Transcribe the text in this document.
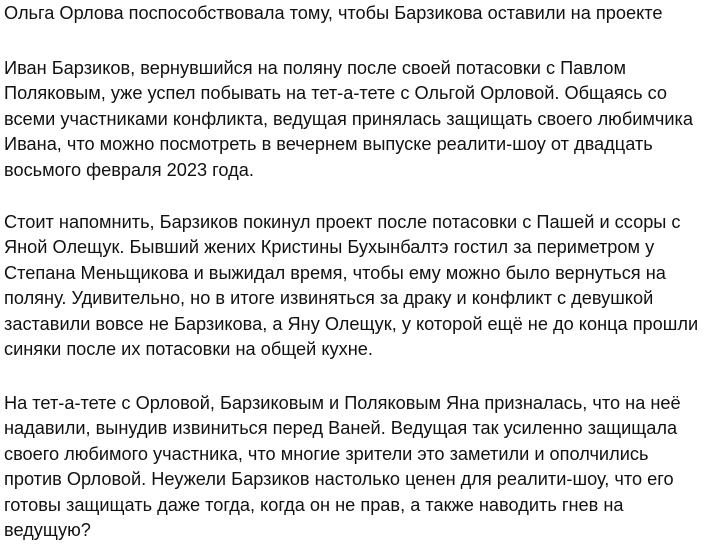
Ольга Орлова поспособствовала тому, чтобы Барзикова оставили на проекте

Иван Барзиков, вернувшийся на поляну после своей потасовки с Павлом
Поляковым, уже успел побывать на тет-а-тете с Ольгой Орловой. Общаясь со
всеми участниками конфликта, ведущая принялась защищать своего любимчика
Ивана, что можно посмотреть в вечернем выпуске реалити-шоу от двадцать
восьмого февраля 2023 года.

Стоит напомнить, Барзиков покинул проект после потасовки с Пашей и ссоры с
Яной Олещук. Бывший жених Кристины Бухынбалтэ гостил за периметром у
Степана Меньщикова и выжидал время, чтобы ему можно было вернуться на
поляну. Удивительно, но в итоге извиняться за драку и конфликт с девушкой
заставили вовсе не Барзикова, а Яну Олещук, у которой ещё не до конца прошли
синяки после их потасовки на общей кухне.

На тет-а-тете с Орловой, Барзиковым и Поляковым Яна призналась, что на неё
надавили, вынудив извиниться перед Ваней. Ведущая так усиленно защищала
своего любимого участника, что многие зрители это заметили и ополчились
против Орловой. Неужели Барзиков настолько ценен для реалити-шоу, что его
готовы защищать даже тогда, когда он не прав, а также наводить гнев на
ведущую?
